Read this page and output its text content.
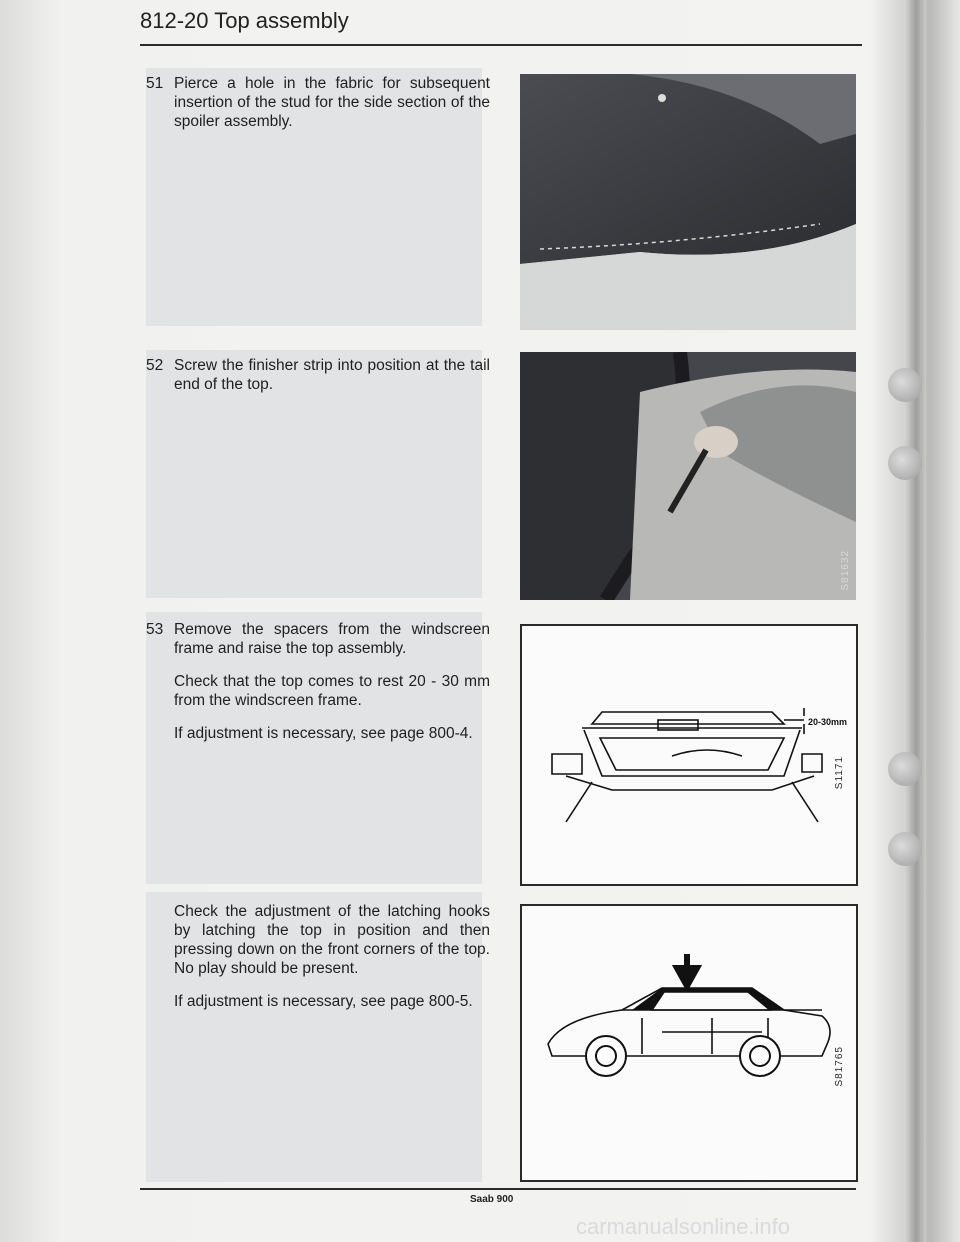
812-20 Top assembly
51 Pierce a hole in the fabric for subsequent insertion of the stud for the side section of the spoiler assembly.

52 Screw the finisher strip into position at the tail end of the top.

53 Remove the spacers from the windscreen frame and raise the top assembly.

Check that the top comes to rest 20 - 30 mm from the windscreen frame.

If adjustment is necessary, see page 800-4.

Check the adjustment of the latching hooks by latching the top in position and then pressing down on the front corners of the top. No play should be present.

If adjustment is necessary, see page 800-5.

S81631
S81632
20-30mm
S1171
S81765
Saab 900
carmanualsonline.info
